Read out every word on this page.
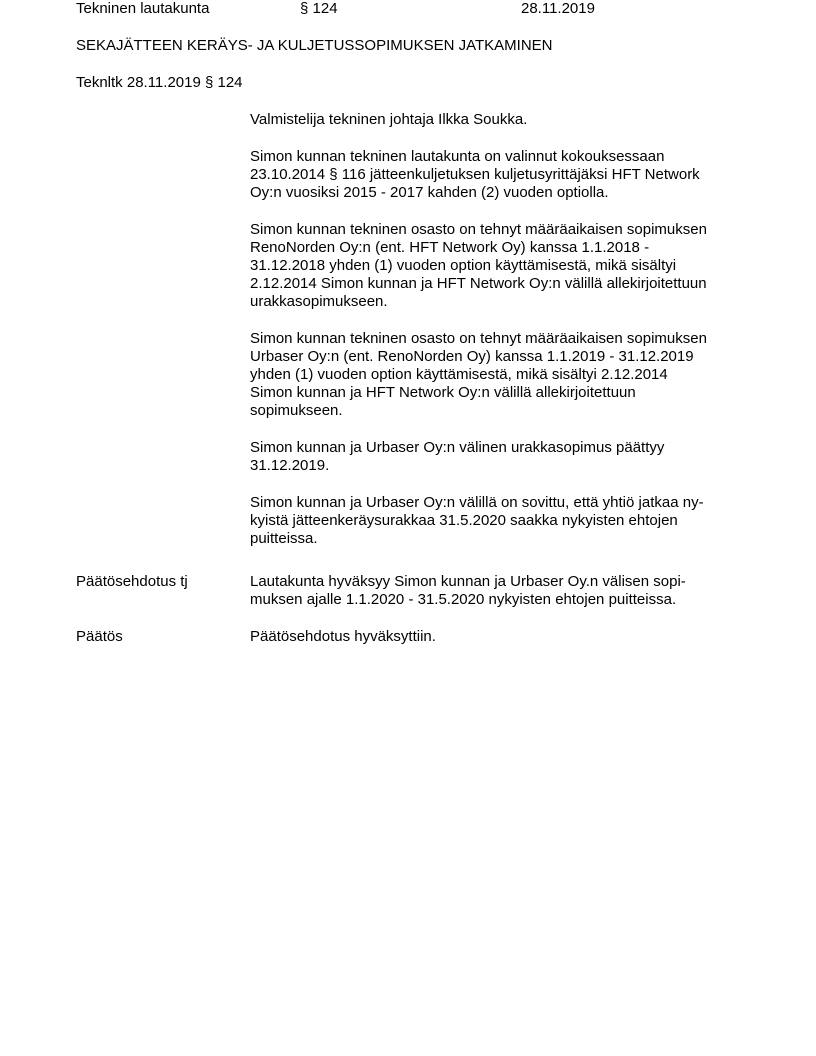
Tekninen lautakunta	§ 124	28.11.2019
SEKAJÄTTEEN KERÄYS- JA KULJETUSSOPIMUKSEN JATKAMINEN
Teknltk 28.11.2019 § 124

Valmistelija tekninen johtaja Ilkka Soukka.

Simon kunnan tekninen lautakunta on valinnut kokouksessaan
23.10.2014 § 116 jätteenkuljetuksen kuljetusyrittäjäksi HFT Network
Oy:n vuosiksi 2015 - 2017 kahden (2) vuoden optiolla.

Simon kunnan tekninen osasto on tehnyt määräaikaisen sopimuksen
RenoNorden Oy:n (ent. HFT Network Oy) kanssa 1.1.2018 -
31.12.2018 yhden (1) vuoden option käyttämisestä, mikä sisältyi
2.12.2014 Simon kunnan ja HFT Network Oy:n välillä allekirjoitettuun
urakkasopimukseen.

Simon kunnan tekninen osasto on tehnyt määräaikaisen sopimuksen
Urbaser Oy:n (ent. RenoNorden Oy) kanssa 1.1.2019 - 31.12.2019
yhden (1) vuoden option käyttämisestä, mikä sisältyi 2.12.2014
Simon kunnan ja HFT Network Oy:n välillä allekirjoitettuun
sopimukseen.

Simon kunnan ja Urbaser Oy:n välinen urakkasopimus päättyy
31.12.2019.

Simon kunnan ja Urbaser Oy:n välillä on sovittu, että yhtiö jatkaa ny-
kyistä jätteenkeräysurakkaa 31.5.2020 saakka nykyisten ehtojen
puitteissa.

Päätösehdotus tj	Lautakunta hyväksyy Simon kunnan ja Urbaser Oy.n välisen sopi-
muksen ajalle 1.1.2020 - 31.5.2020 nykyisten ehtojen puitteissa.
Päätös	Päätösehdotus hyväksyttiin.
